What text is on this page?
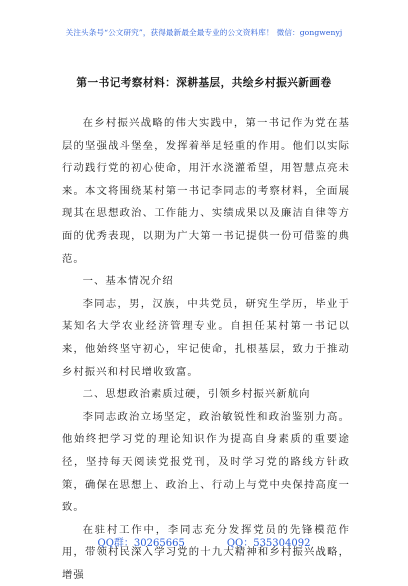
关注头条号“公文研究”，获得最新最全最专业的公文资料库！ 微信：gongwenyj
第一书记考察材料：深耕基层，共绘乡村振兴新画卷

在乡村振兴战略的伟大实践中，第一书记作为党在基层的坚强战斗堡垒，发挥着举足轻重的作用。他们以实际行动践行党的初心使命，用汗水浇灌希望，用智慧点亮未来。本文将围绕某村第一书记李同志的考察材料，全面展现其在思想政治、工作能力、实绩成果以及廉洁自律等方面的优秀表现，以期为广大第一书记提供一份可借鉴的典范。

一、基本情况介绍

李同志，男，汉族，中共党员，研究生学历，毕业于某知名大学农业经济管理专业。自担任某村第一书记以来，他始终坚守初心，牢记使命，扎根基层，致力于推动乡村振兴和村民增收致富。

二、思想政治素质过硬，引领乡村振兴新航向

李同志政治立场坚定，政治敏锐性和政治鉴别力高。他始终把学习党的理论知识作为提高自身素质的重要途径，坚持每天阅读党报党刊，及时学习党的路线方针政策，确保在思想上、政治上、行动上与党中央保持高度一致。

在驻村工作中，李同志充分发挥党员的先锋模范作用，带领村民深入学习党的十九大精神和乡村振兴战略，增强

QQ群：30265665	QQ：535304092
